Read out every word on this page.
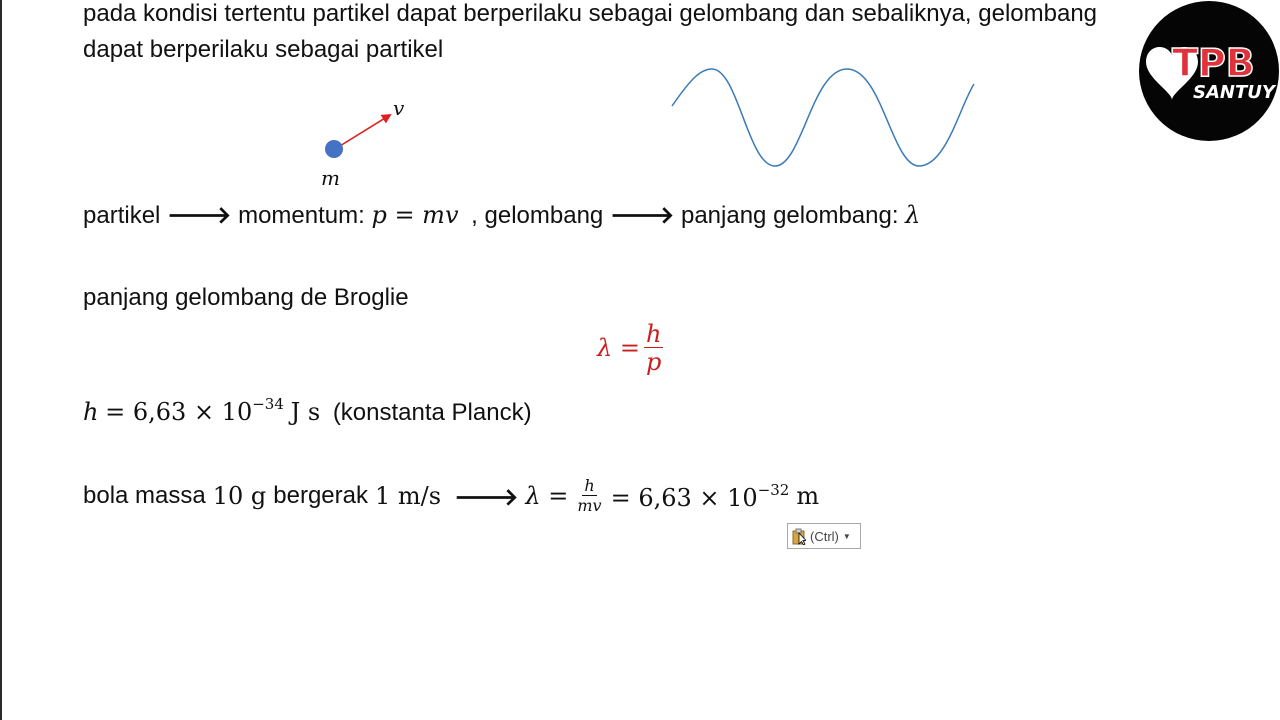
pada kondisi tertentu partikel dapat berperilaku sebagai gelombang dan sebaliknya, gelombang
dapat berperilaku sebagai partikel
v
m
partikel 🡒 momentum: p = mv , gelombang 🡒 panjang gelombang: λ
panjang gelombang de Broglie
$\lambda = \frac{h}{p}$
$h = 6,63 \times 10^{-34}$ J s (konstanta Planck)
bola massa 10 g bergerak 1 m/s 🡒 $\lambda = \frac{h}{mv} = 6,63 \times 10^{-32}$ m
(Ctrl) ▼
TPB
SANTUY
